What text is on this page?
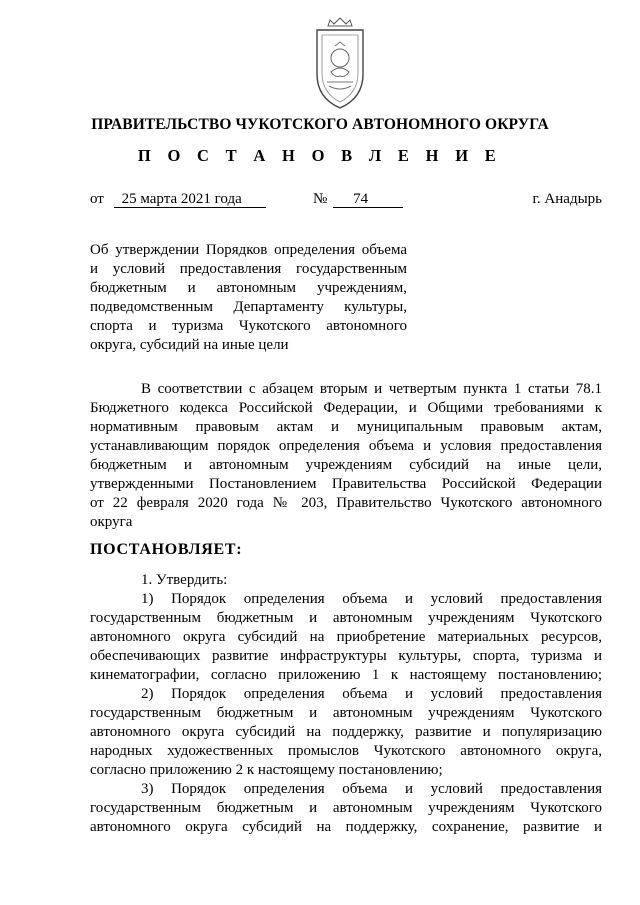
ПРАВИТЕЛЬСТВО ЧУКОТСКОГО АВТОНОМНОГО ОКРУГА
П О С Т А Н О В Л Е Н И Е
от 25 марта 2021 года	№ 74	г. Анадырь
Об утверждении Порядков определения объема
и условий предоставления государственным
бюджетным и автономным учреждениям,
подведомственным Департаменту культуры,
спорта и туризма Чукотского автономного
округа, субсидий на иные цели
В соответствии с абзацем вторым и четвертым пункта 1 статьи 78.1
Бюджетного кодекса Российской Федерации, и Общими требованиями к
нормативным правовым актам и муниципальным правовым актам,
устанавливающим порядок определения объема и условия предоставления
бюджетным и автономным учреждениям субсидий на иные цели,
утвержденными Постановлением Правительства Российской Федерации
от 22 февраля 2020 года № 203, Правительство Чукотского автономного
округа
ПОСТАНОВЛЯЕТ:
1. Утвердить:
1) Порядок определения объема и условий предоставления
государственным бюджетным и автономным учреждениям Чукотского
автономного округа субсидий на приобретение материальных ресурсов,
обеспечивающих развитие инфраструктуры культуры, спорта, туризма и
кинематографии, согласно приложению 1 к настоящему постановлению;
2) Порядок определения объема и условий предоставления
государственным бюджетным и автономным учреждениям Чукотского
автономного округа субсидий на поддержку, развитие и популяризацию
народных художественных промыслов Чукотского автономного округа,
согласно приложению 2 к настоящему постановлению;
3) Порядок определения объема и условий предоставления
государственным бюджетным и автономным учреждениям Чукотского
автономного округа субсидий на поддержку, сохранение, развитие и
